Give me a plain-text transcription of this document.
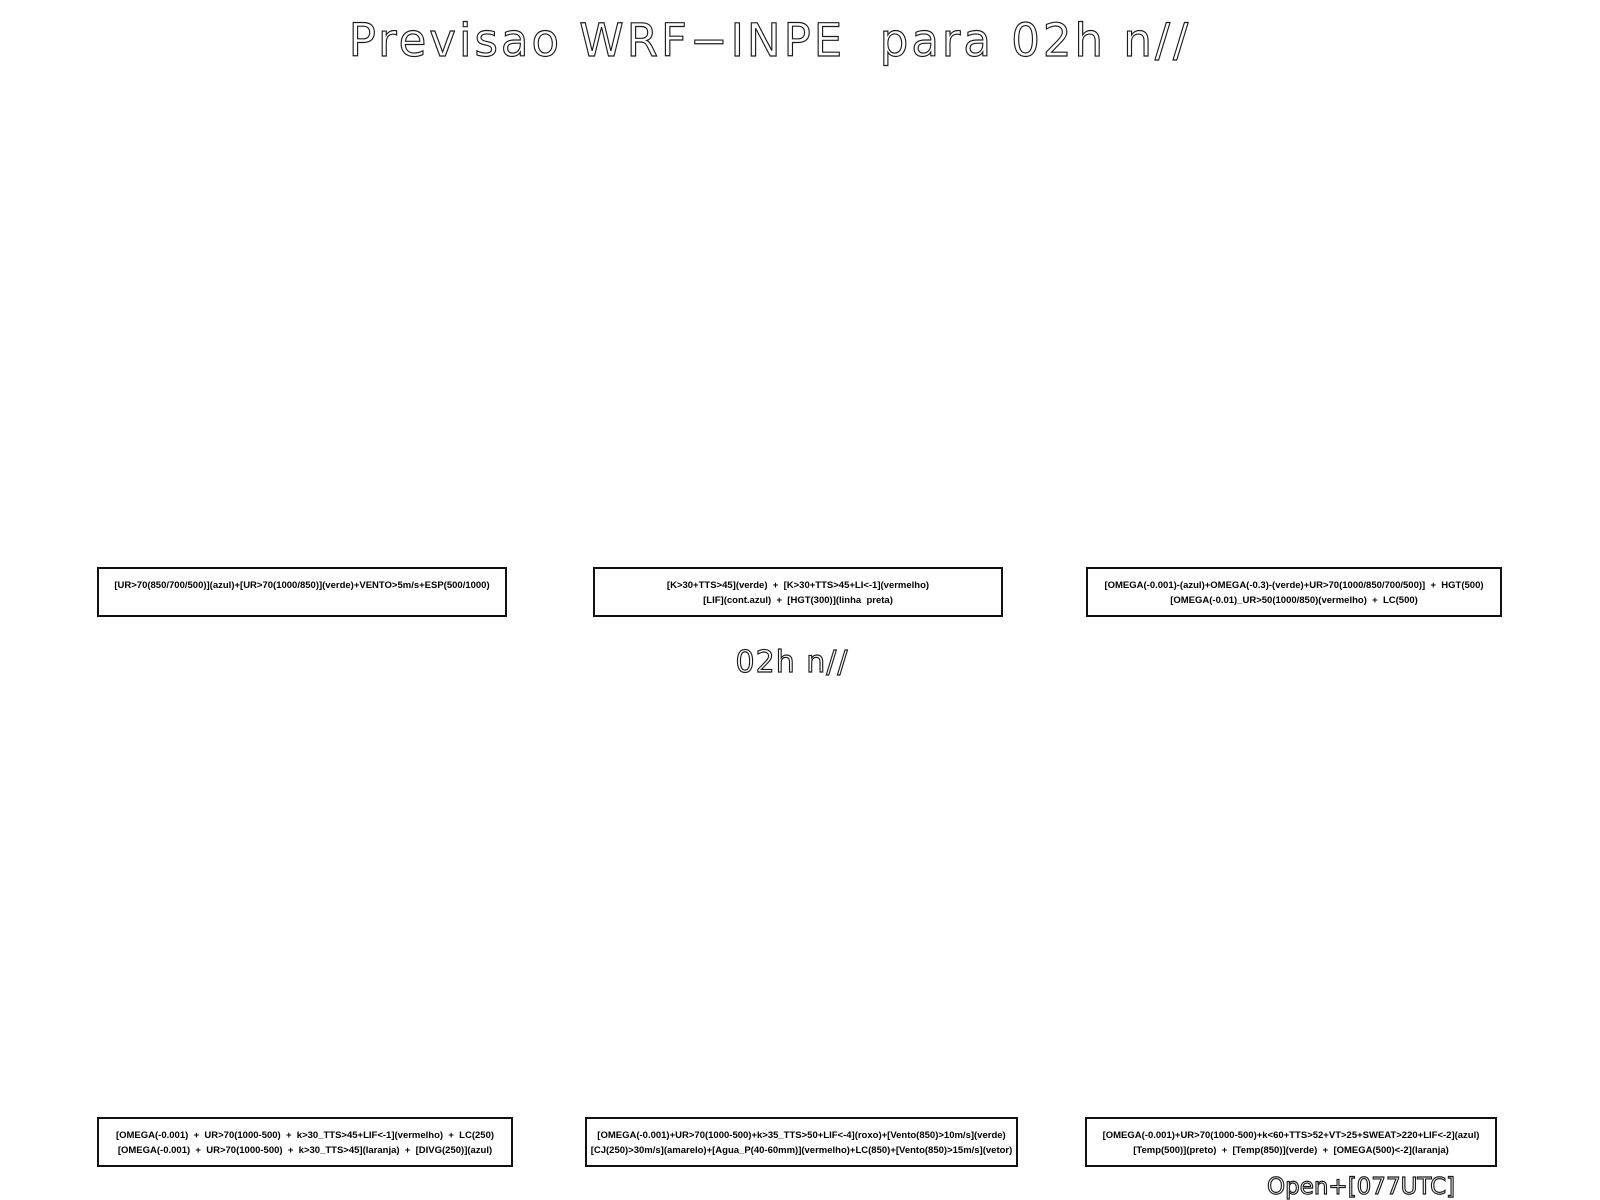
Previsao WRF−INPE  para 02h n//
[UR>70(850/700/500)](azul)+[UR>70(1000/850)](verde)+VENTO>5m/s+ESP(500/1000)	[K>30+TTS>45](verde)  +  [K>30+TTS>45+LI<-1](vermelho)
[LIF](cont.azul)  +  [HGT(300)](linha  preta)
[OMEGA(-0.001)-(azul)+OMEGA(-0.3)-(verde)+UR>70(1000/850/700/500)]  +  HGT(500)
[OMEGA(-0.01)_UR>50(1000/850)(vermelho)  +  LC(500)
02h n//
[OMEGA(-0.001)  +  UR>70(1000-500)  +  k>30_TTS>45+LIF<-1](vermelho)  +  LC(250)
[OMEGA(-0.001)  +  UR>70(1000-500)  +  k>30_TTS>45](laranja)  +  [DIVG(250)](azul)
[OMEGA(-0.001)+UR>70(1000-500)+k>35_TTS>50+LIF<-4](roxo)+[Vento(850)>10m/s](verde)
[CJ(250)>30m/s](amarelo)+[Agua_P(40-60mm)](vermelho)+LC(850)+[Vento(850)>15m/s](vetor)
[OMEGA(-0.001)+UR>70(1000-500)+k<60+TTS>52+VT>25+SWEAT>220+LIF<-2](azul)
[Temp(500)](preto)  +  [Temp(850)](verde)  +  [OMEGA(500)<-2](laranja)
Open+[077UTC]
